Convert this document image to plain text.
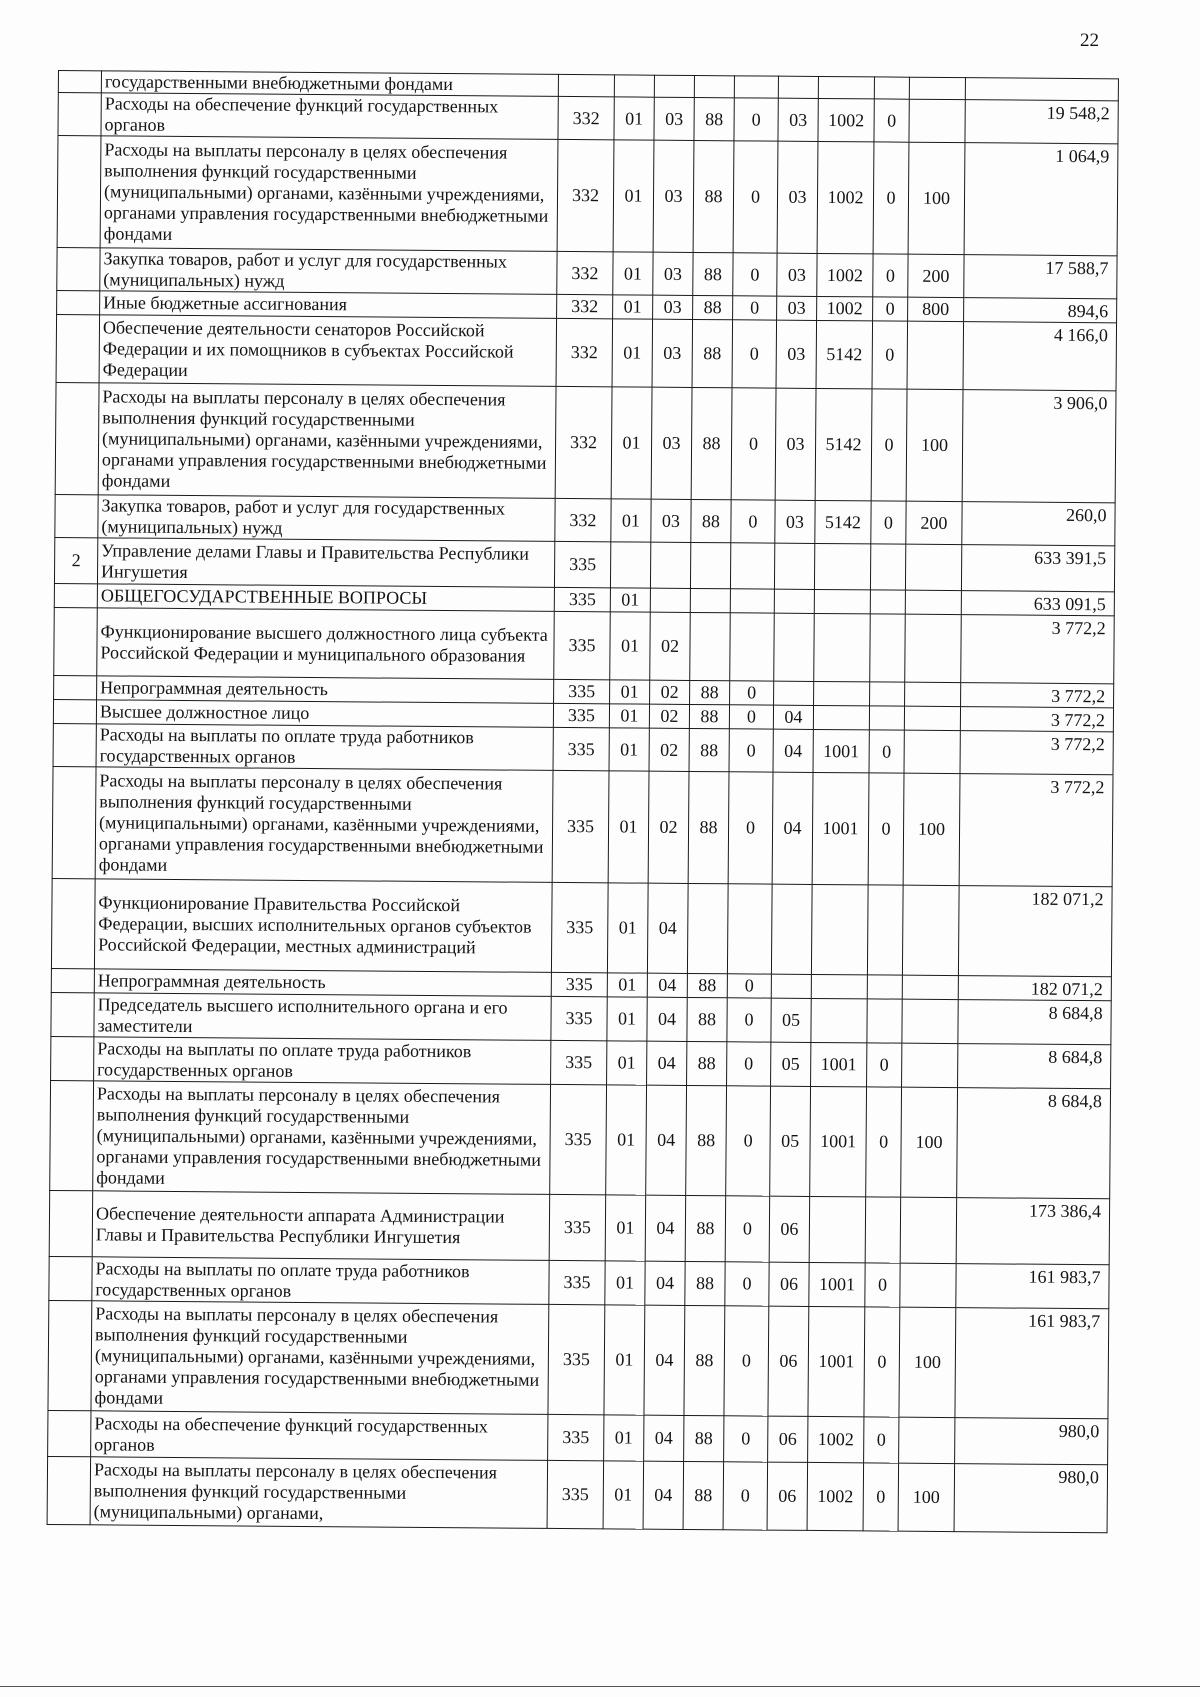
22
	государственными внебюджетными фондами										
	Расходы на обеспечение функций государственных органов	332	01	03	88	0	03	1002	0		19 548,2
	Расходы на выплаты персоналу в целях обеспечения выполнения функций государственными (муниципальными) органами, казёнными учреждениями, органами управления государственными внебюджетными фондами	332	01	03	88	0	03	1002	0	100	1 064,9
	Закупка товаров, работ и услуг для государственных (муниципальных) нужд	332	01	03	88	0	03	1002	0	200	17 588,7
	Иные бюджетные ассигнования	332	01	03	88	0	03	1002	0	800	894,6
	Обеспечение деятельности сенаторов Российской Федерации и их помощников в субъектах Российской Федерации	332	01	03	88	0	03	5142	0		4 166,0
	Расходы на выплаты персоналу в целях обеспечения выполнения функций государственными (муниципальными) органами, казёнными учреждениями, органами управления государственными внебюджетными фондами	332	01	03	88	0	03	5142	0	100	3 906,0
	Закупка товаров, работ и услуг для государственных (муниципальных) нужд	332	01	03	88	0	03	5142	0	200	260,0
2	Управление делами Главы и Правительства Республики Ингушетия	335									633 391,5
	ОБЩЕГОСУДАРСТВЕННЫЕ ВОПРОСЫ	335	01								633 091,5
	Функционирование высшего должностного лица субъекта Российской Федерации и муниципального образования	335	01	02							3 772,2
	Непрограммная деятельность	335	01	02	88	0					3 772,2
	Высшее должностное лицо	335	01	02	88	0	04				3 772,2
	Расходы на выплаты по оплате труда работников государственных органов	335	01	02	88	0	04	1001	0		3 772,2
	Расходы на выплаты персоналу в целях обеспечения выполнения функций государственными (муниципальными) органами, казёнными учреждениями, органами управления государственными внебюджетными фондами	335	01	02	88	0	04	1001	0	100	3 772,2
	Функционирование Правительства Российской Федерации, высших исполнительных органов субъектов Российской Федерации, местных администраций	335	01	04							182 071,2
	Непрограммная деятельность	335	01	04	88	0					182 071,2
	Председатель высшего исполнительного органа и его заместители	335	01	04	88	0	05				8 684,8
	Расходы на выплаты по оплате труда работников государственных органов	335	01	04	88	0	05	1001	0		8 684,8
	Расходы на выплаты персоналу в целях обеспечения выполнения функций государственными (муниципальными) органами, казёнными учреждениями, органами управления государственными внебюджетными фондами	335	01	04	88	0	05	1001	0	100	8 684,8
	Обеспечение деятельности аппарата Администрации Главы и Правительства Республики Ингушетия	335	01	04	88	0	06				173 386,4
	Расходы на выплаты по оплате труда работников государственных органов	335	01	04	88	0	06	1001	0		161 983,7
	Расходы на выплаты персоналу в целях обеспечения выполнения функций государственными (муниципальными) органами, казёнными учреждениями, органами управления государственными внебюджетными фондами	335	01	04	88	0	06	1001	0	100	161 983,7
	Расходы на обеспечение функций государственных органов	335	01	04	88	0	06	1002	0		980,0
	Расходы на выплаты персоналу в целях обеспечения выполнения функций государственными (муниципальными) органами,	335	01	04	88	0	06	1002	0	100	980,0
